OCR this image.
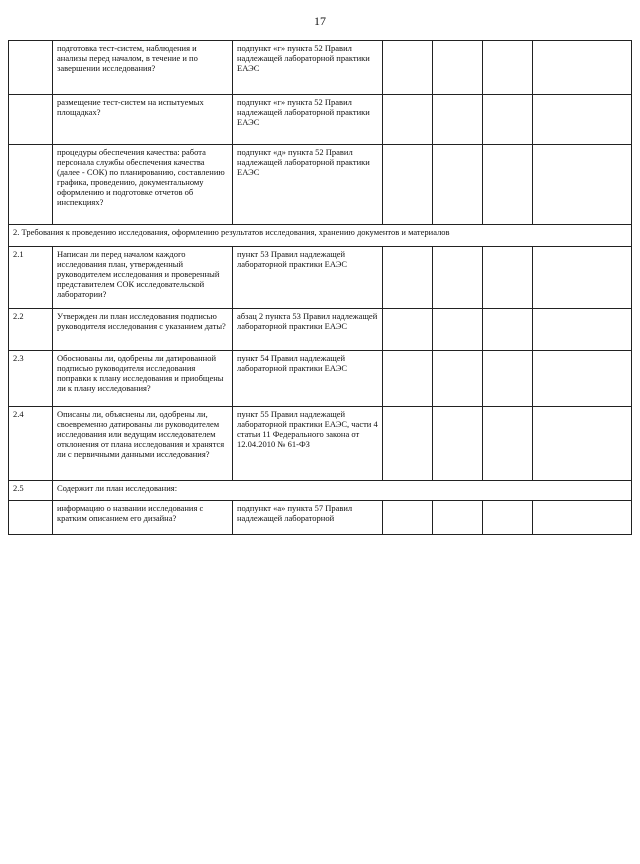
17
	подготовка тест-систем, наблюдения и анализы перед началом, в течение и по завершении исследования?	подпункт «г» пункта 52 Правил надлежащей лабораторной практики ЕАЭС				
	размещение тест-систем на испытуемых площадках?	подпункт «г» пункта 52 Правил надлежащей лабораторной практики ЕАЭС				
	процедуры обеспечения качества: работа персонала службы обеспечения качества (далее - СОК) по планированию, составлению графика, проведению, документальному оформлению и подготовке отчетов об инспекциях?	подпункт «д» пункта 52 Правил надлежащей лабораторной практики ЕАЭС				
2. Требования к проведению исследования, оформлению результатов исследования, хранению документов и материалов						
2.1	Написан ли перед началом каждого исследования план, утвержденный руководителем исследования и проверенный представителем СОК исследовательской лаборатории?	пункт 53 Правил надлежащей лабораторной практики ЕАЭС				
2.2	Утвержден ли план исследования подписью руководителя исследования с указанием даты?	абзац 2 пункта 53 Правил надлежащей лабораторной практики ЕАЭС				
2.3	Обоснованы ли, одобрены ли датированной подписью руководителя исследования поправки к плану исследования и приобщены ли к плану исследования?	пункт 54 Правил надлежащей лабораторной практики ЕАЭС				
2.4	Описаны ли, объяснены ли, одобрены ли, своевременно датированы ли руководителем исследования или ведущим исследователем отклонения от плана исследования и хранятся ли с первичными данными исследования?	пункт 55 Правил надлежащей лабораторной практики ЕАЭС, части 4 статьи 11 Федерального закона от 12.04.2010 № 61-ФЗ				
2.5	Содержит ли план исследования:					
	информацию о названии исследования с кратким описанием его дизайна?	подпункт «а» пункта 57 Правил надлежащей лабораторной				
